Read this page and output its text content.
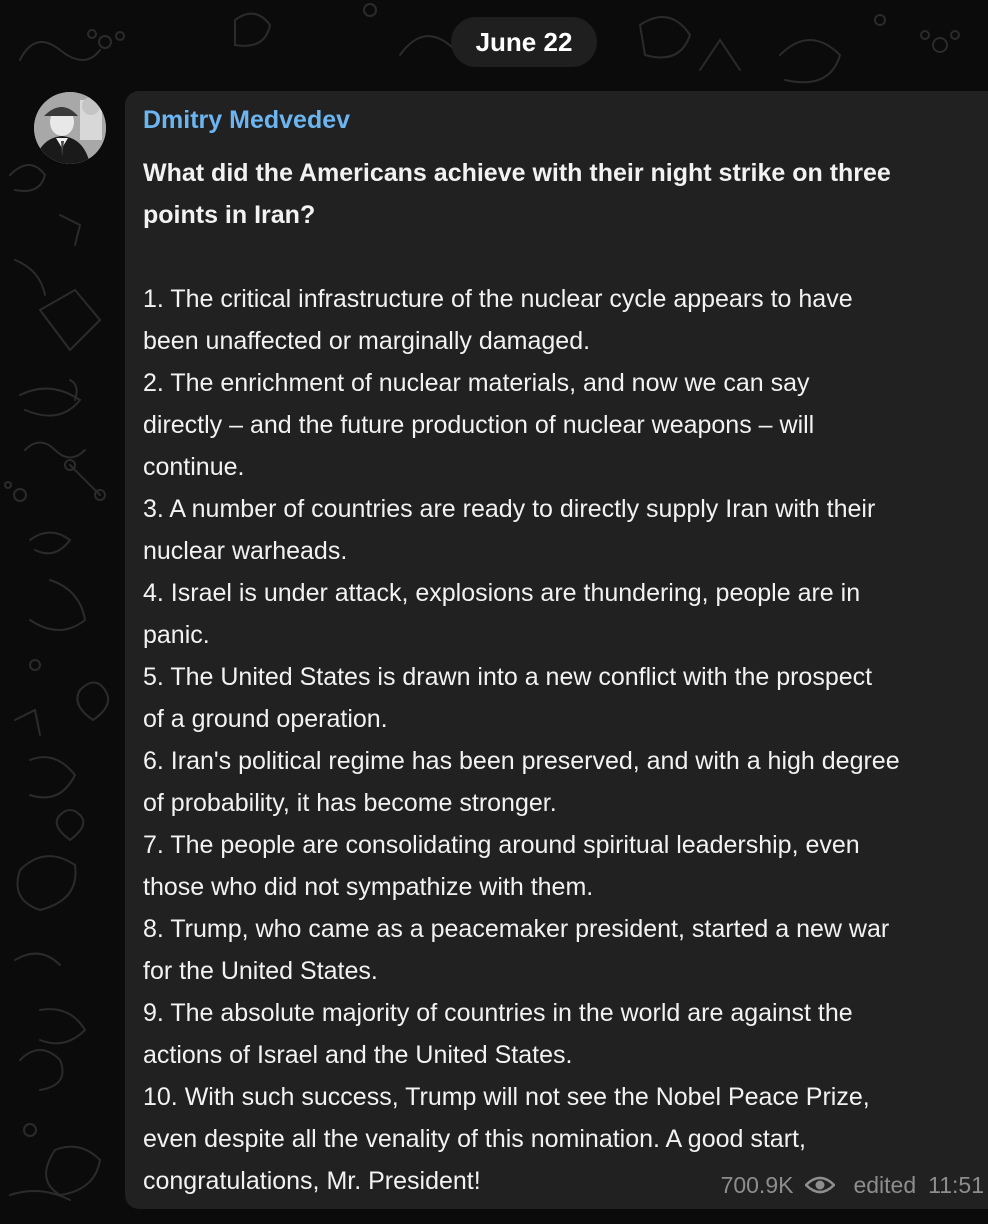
June 22
Dmitry Medvedev
What did the Americans achieve with their night strike on three
points in Iran?
1. The critical infrastructure of the nuclear cycle appears to have
been unaffected or marginally damaged.
2. The enrichment of nuclear materials, and now we can say
directly – and the future production of nuclear weapons – will
continue.
3. A number of countries are ready to directly supply Iran with their
nuclear warheads.
4. Israel is under attack, explosions are thundering, people are in
panic.
5. The United States is drawn into a new conflict with the prospect
of a ground operation.
6. Iran's political regime has been preserved, and with a high degree
of probability, it has become stronger.
7. The people are consolidating around spiritual leadership, even
those who did not sympathize with them.
8. Trump, who came as a peacemaker president, started a new war
for the United States.
9. The absolute majority of countries in the world are against the
actions of Israel and the United States.
10. With such success, Trump will not see the Nobel Peace Prize,
even despite all the venality of this nomination. A good start,
congratulations, Mr. President!	700.9K	edited 11:51
